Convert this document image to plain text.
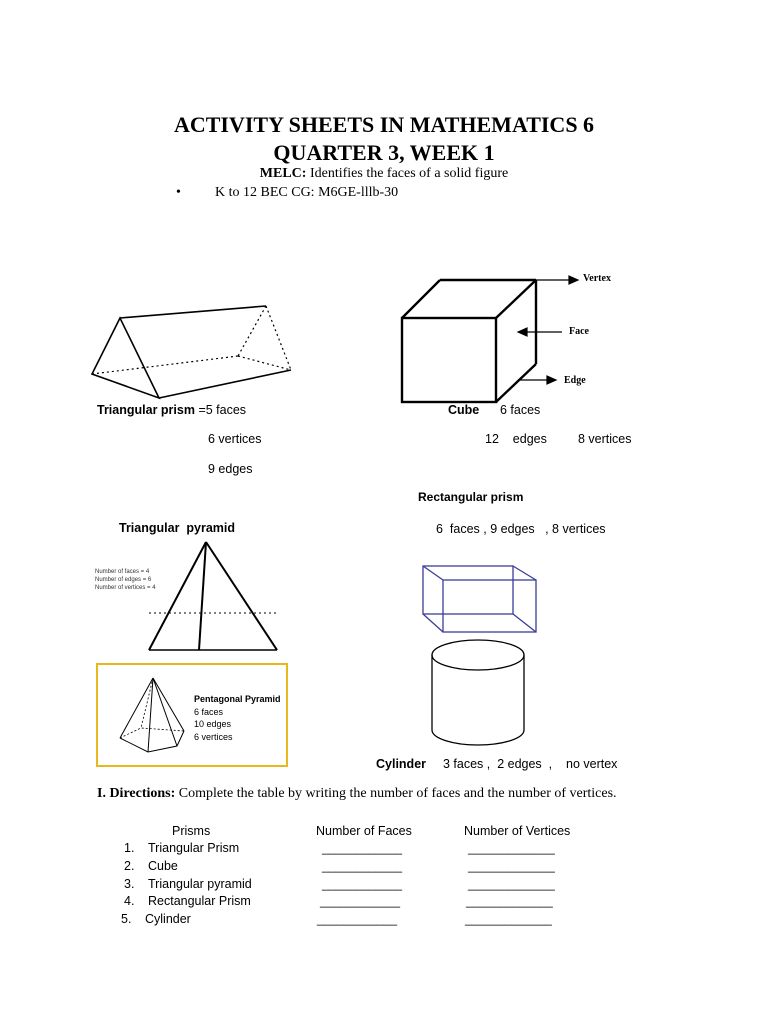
ACTIVITY SHEETS IN MATHEMATICS 6
QUARTER 3, WEEK 1
MELC: Identifies the faces of a solid figure
• K to 12 BEC CG: M6GE-lllb-30
Triangular prism =5 faces
6 vertices
9 edges
Vertex
Face
Edge
Cube 6 faces
12    edges 8 vertices
Rectangular prism
6  faces , 9 edges   , 8 vertices
Triangular  pyramid
Number of faces = 4
Number of edges = 6
Number of vertices = 4
Pentagonal Pyramid
6 faces
10 edges
6 vertices
Cylinder 3 faces ,  2 edges  ,    no vertex
I. Directions: Complete the table by writing the number of faces and the number of vertices.
Prisms	Number of Faces	Number of Vertices
1. Triangular Prism	____________	_____________
2. Cube	____________	_____________
3. Triangular pyramid	____________	_____________
4. Rectangular Prism	____________	_____________
5. Cylinder	____________	_____________
